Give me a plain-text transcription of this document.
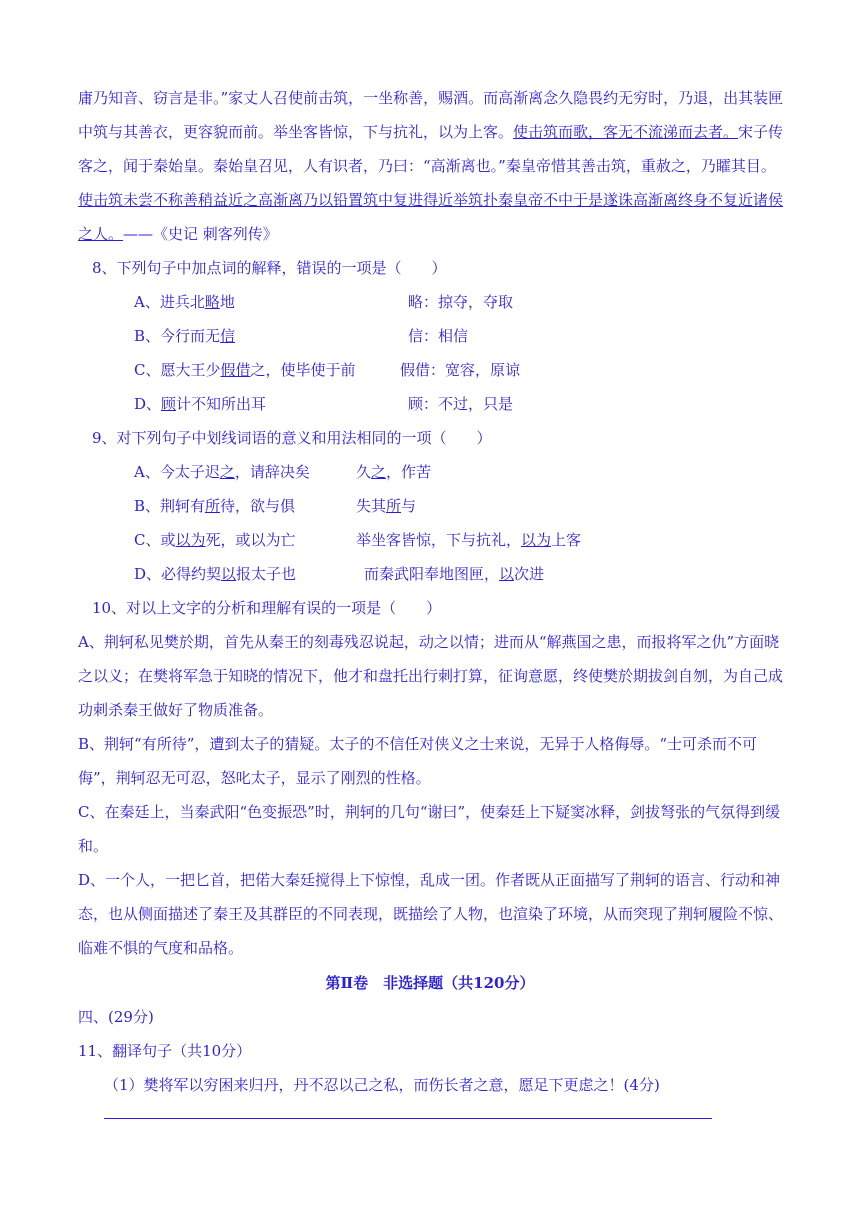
庸乃知音、窃言是非。”家丈人召使前击筑，一坐称善，赐酒。而高渐离念久隐畏约无穷时，乃退，出其装匣中筑与其善衣，更容貌而前。举坐客皆惊，下与抗礼，以为上客。使击筑而歌，客无不流涕而去者。宋子传客之，闻于秦始皇。秦始皇召见，人有识者，乃曰：“高渐离也。”秦皇帝惜其善击筑，重赦之，乃矐其目。使击筑未尝不称善稍益近之高渐离乃以铅置筑中复进得近举筑扑秦皇帝不中于是遂诛高渐离终身不复近诸侯之人。——《史记 刺客列传》

8、下列句子中加点词的解释，错误的一项是（　　）
A、进兵北略地	略：掠夺，夺取
B、今行而无信	信：相信
C、愿大王少假借之，使毕使于前	假借：宽容，原谅
D、顾计不知所出耳	顾：不过，只是
9、对下列句子中划线词语的意义和用法相同的一项（　　）
A、今太子迟之，请辞决矣	久之，作苦
B、荆轲有所待，欲与俱	失其所与
C、或以为死，或以为亡	举坐客皆惊，下与抗礼，以为上客
D、必得约契以报太子也	而秦武阳奉地图匣，以次进
10、对以上文字的分析和理解有误的一项是（　　）

A、荆轲私见樊於期，首先从秦王的刻毒残忍说起，动之以情；进而从“解燕国之患，而报将军之仇”方面晓之以义；在樊将军急于知晓的情况下，他才和盘托出行刺打算，征询意愿，终使樊於期拔剑自刎，为自己成功刺杀秦王做好了物质准备。

B、荆轲“有所待”，遭到太子的猜疑。太子的不信任对侠义之士来说，无异于人格侮辱。“士可杀而不可侮”，荆轲忍无可忍，怒叱太子，显示了刚烈的性格。

C、在秦廷上，当秦武阳“色变振恐”时，荆轲的几句“谢曰”，使秦廷上下疑窦冰释，剑拔弩张的气氛得到缓和。

D、一个人，一把匕首，把偌大秦廷搅得上下惊惶，乱成一团。作者既从正面描写了荆轲的语言、行动和神态，也从侧面描述了秦王及其群臣的不同表现，既描绘了人物，也渲染了环境，从而突现了荆轲履险不惊、临难不惧的气度和品格。

第Ⅱ卷　非选择题（共120分）
四、(29分)
11、翻译句子（共10分）
（1）樊将军以穷困来归丹，丹不忍以己之私，而伤长者之意，愿足下更虑之！(4分)
